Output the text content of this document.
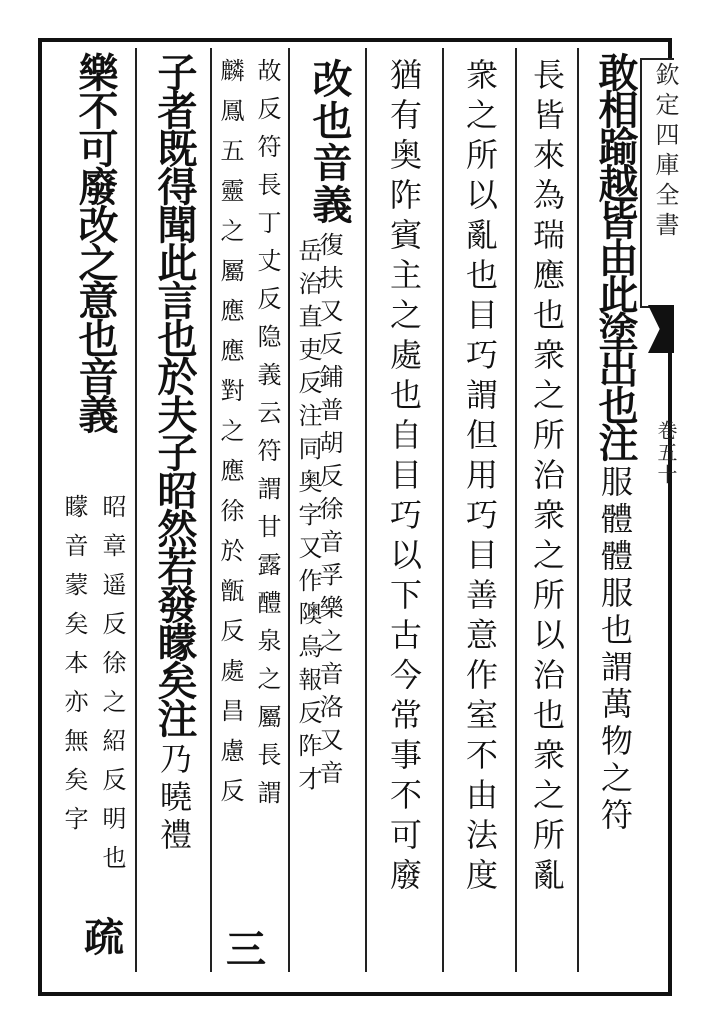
欽定四庫全書
卷五十
敢相踰越皆由此塗出也注
服體體服也謂萬物之符
長皆來為瑞應也衆之所治衆之所以治也衆之所亂
衆之所以亂也目巧謂但用巧目善意作室不由法度
猶有奥阼賓主之處也自目巧以下古今常事不可廢
改也音義
復扶又反鋪普胡反徐音孚樂之音洛又音
岳治直吏反注同奥字又作隩烏報反阼才
故反符長丁丈反隐義云符謂甘露醴泉之屬長謂
麟鳳五靈之屬應應對之應徐於甑反處昌慮反
子者既得聞此言也於夫子昭然若發矇矣注
乃曉禮
樂不可廢改之意也音義
昭章遥反徐之紹反明也
矇音蒙矣本亦無矣字
三
疏
